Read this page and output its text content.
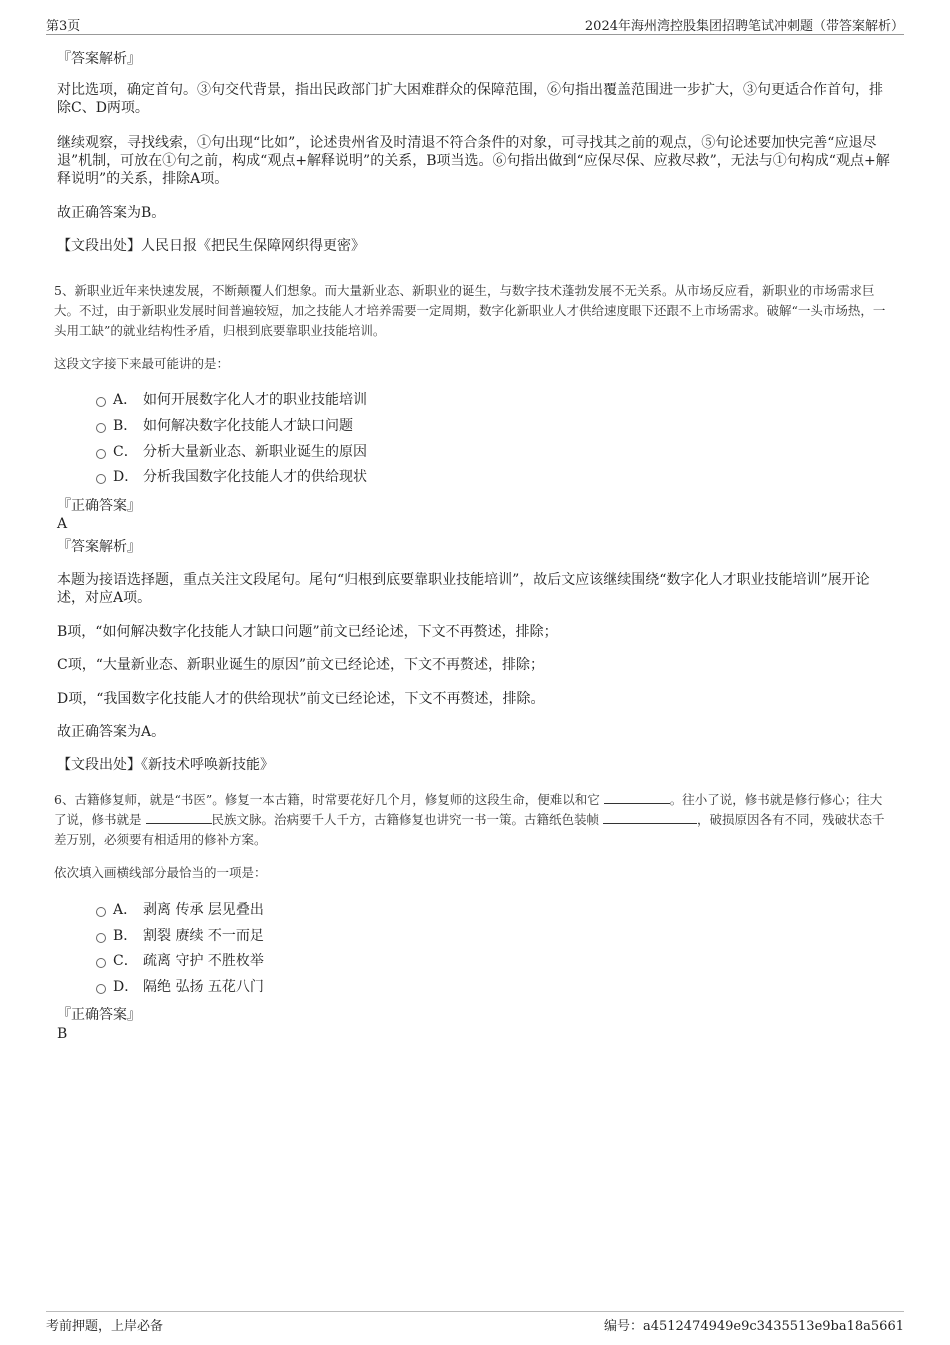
第3页	2024年海州湾控股集团招聘笔试冲刺题（带答案解析）
『答案解析』
对比选项，确定首句。③句交代背景，指出民政部门扩大困难群众的保障范围，⑥句指出覆盖范围进一步扩大，③句更适合作首句，排除C、D两项。
继续观察，寻找线索，①句出现“比如”，论述贵州省及时清退不符合条件的对象，可寻找其之前的观点，⑤句论述要加快完善“应退尽退”机制，可放在①句之前，构成“观点+解释说明”的关系，B项当选。⑥句指出做到“应保尽保、应救尽救”，无法与①句构成“观点+解释说明”的关系，排除A项。
故正确答案为B。
【文段出处】人民日报《把民生保障网织得更密》
5、新职业近年来快速发展，不断颠覆人们想象。而大量新业态、新职业的诞生，与数字技术蓬勃发展不无关系。从市场反应看，新职业的市场需求巨大。不过，由于新职业发展时间普遍较短，加之技能人才培养需要一定周期，数字化新职业人才供给速度眼下还跟不上市场需求。破解“一头市场热，一头用工缺”的就业结构性矛盾，归根到底要靠职业技能培训。
这段文字接下来最可能讲的是：
A． 如何开展数字化人才的职业技能培训
B． 如何解决数字化技能人才缺口问题
C． 分析大量新业态、新职业诞生的原因
D． 分析我国数字化技能人才的供给现状
『正确答案』
A
『答案解析』
本题为接语选择题，重点关注文段尾句。尾句“归根到底要靠职业技能培训”，故后文应该继续围绕“数字化人才职业技能培训”展开论述，对应A项。
B项，“如何解决数字化技能人才缺口问题”前文已经论述，下文不再赘述，排除；
C项，“大量新业态、新职业诞生的原因”前文已经论述，下文不再赘述，排除；
D项，“我国数字化技能人才的供给现状”前文已经论述，下文不再赘述，排除。
故正确答案为A。
【文段出处】《新技术呼唤新技能》
6、古籍修复师，就是“书医”。修复一本古籍，时常要花好几个月，修复师的这段生命，便难以和它	。往小了说，修书就是修行修心；往大了说，修书就是	民族文脉。治病要千人千方，古籍修复也讲究一书一策。古籍纸色装帧	，破损原因各有不同，残破状态千差万别，必须要有相适用的修补方案。
依次填入画横线部分最恰当的一项是：
A． 剥离 传承 层见叠出
B． 割裂 赓续 不一而足
C． 疏离 守护 不胜枚举
D． 隔绝 弘扬 五花八门
『正确答案』
B
考前押题，上岸必备	编号：a4512474949e9c3435513e9ba18a5661
